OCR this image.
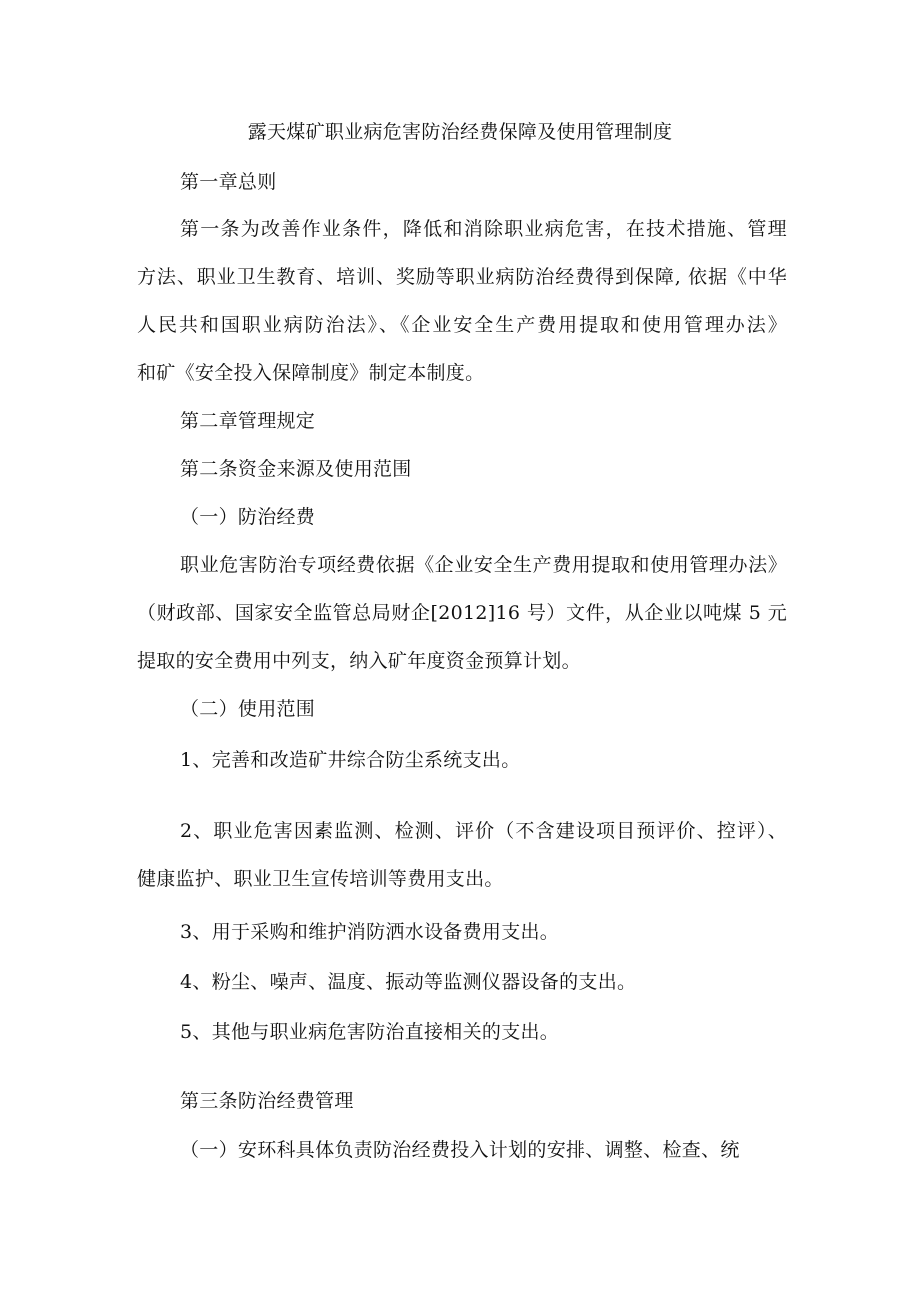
露天煤矿职业病危害防治经费保障及使用管理制度
第一章总则
第一条为改善作业条件，降低和消除职业病危害，在技术措施、管理
方法、职业卫生教育、培训、奖励等职业病防治经费得到保障, 依据《中华
人民共和国职业病防治法》、《企业安全生产费用提取和使用管理办法》
和矿《安全投入保障制度》制定本制度。
第二章管理规定
第二条资金来源及使用范围
（一）防治经费
职业危害防治专项经费依据《企业安全生产费用提取和使用管理办法》
（财政部、国家安全监管总局财企[2012]16 号）文件，从企业以吨煤 5 元
提取的安全费用中列支，纳入矿年度资金预算计划。
（二）使用范围
1、完善和改造矿井综合防尘系统支出。
2、职业危害因素监测、检测、评价（不含建设项目预评价、控评）、
健康监护、职业卫生宣传培训等费用支出。
3、用于采购和维护消防洒水设备费用支出。
4、粉尘、噪声、温度、振动等监测仪器设备的支出。
5、其他与职业病危害防治直接相关的支出。
第三条防治经费管理
（一）安环科具体负责防治经费投入计划的安排、调整、检查、统
